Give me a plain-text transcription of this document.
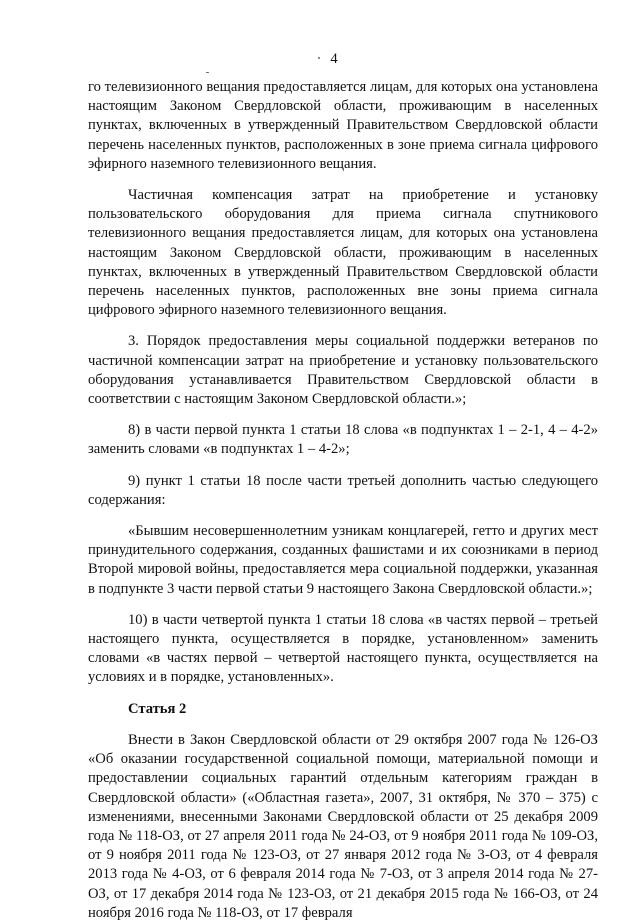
4

го телевизионного вещания предоставляется лицам, для которых она установлена настоящим Законом Свердловской области, проживающим в населенных пунктах, включенных в утвержденный Правительством Свердловской области перечень населенных пунктов, расположенных в зоне приема сигнала цифрового эфирного наземного телевизионного вещания.

Частичная компенсация затрат на приобретение и установку пользовательского оборудования для приема сигнала спутникового телевизионного вещания предоставляется лицам, для которых она установлена настоящим Законом Свердловской области, проживающим в населенных пунктах, включенных в утвержденный Правительством Свердловской области перечень населенных пунктов, расположенных вне зоны приема сигнала цифрового эфирного наземного телевизионного вещания.

3. Порядок предоставления меры социальной поддержки ветеранов по частичной компенсации затрат на приобретение и установку пользовательского оборудования устанавливается Правительством Свердловской области в соответствии с настоящим Законом Свердловской области.»;

8) в части первой пункта 1 статьи 18 слова «в подпунктах 1 – 2-1, 4 – 4-2» заменить словами «в подпунктах 1 – 4-2»;

9) пункт 1 статьи 18 после части третьей дополнить частью следующего содержания:

«Бывшим несовершеннолетним узникам концлагерей, гетто и других мест принудительного содержания, созданных фашистами и их союзниками в период Второй мировой войны, предоставляется мера социальной поддержки, указанная в подпункте 3 части первой статьи 9 настоящего Закона Свердловской области.»;

10) в части четвертой пункта 1 статьи 18 слова «в частях первой – третьей настоящего пункта, осуществляется в порядке, установленном» заменить словами «в частях первой – четвертой настоящего пункта, осуществляется на условиях и в порядке, установленных».

Статья 2

Внести в Закон Свердловской области от 29 октября 2007 года № 126-ОЗ «Об оказании государственной социальной помощи, материальной помощи и предоставлении социальных гарантий отдельным категориям граждан в Свердловской области» («Областная газета», 2007, 31 октября, № 370 – 375) с изменениями, внесенными Законами Свердловской области от 25 декабря 2009 года № 118-ОЗ, от 27 апреля 2011 года № 24-ОЗ, от 9 ноября 2011 года № 109-ОЗ, от 9 ноября 2011 года № 123-ОЗ, от 27 января 2012 года № 3-ОЗ, от 4 февраля 2013 года № 4-ОЗ, от 6 февраля 2014 года № 7-ОЗ, от 3 апреля 2014 года № 27-ОЗ, от 17 декабря 2014 года № 123-ОЗ, от 21 декабря 2015 года № 166-ОЗ, от 24 ноября 2016 года № 118-ОЗ, от 17 февраля
